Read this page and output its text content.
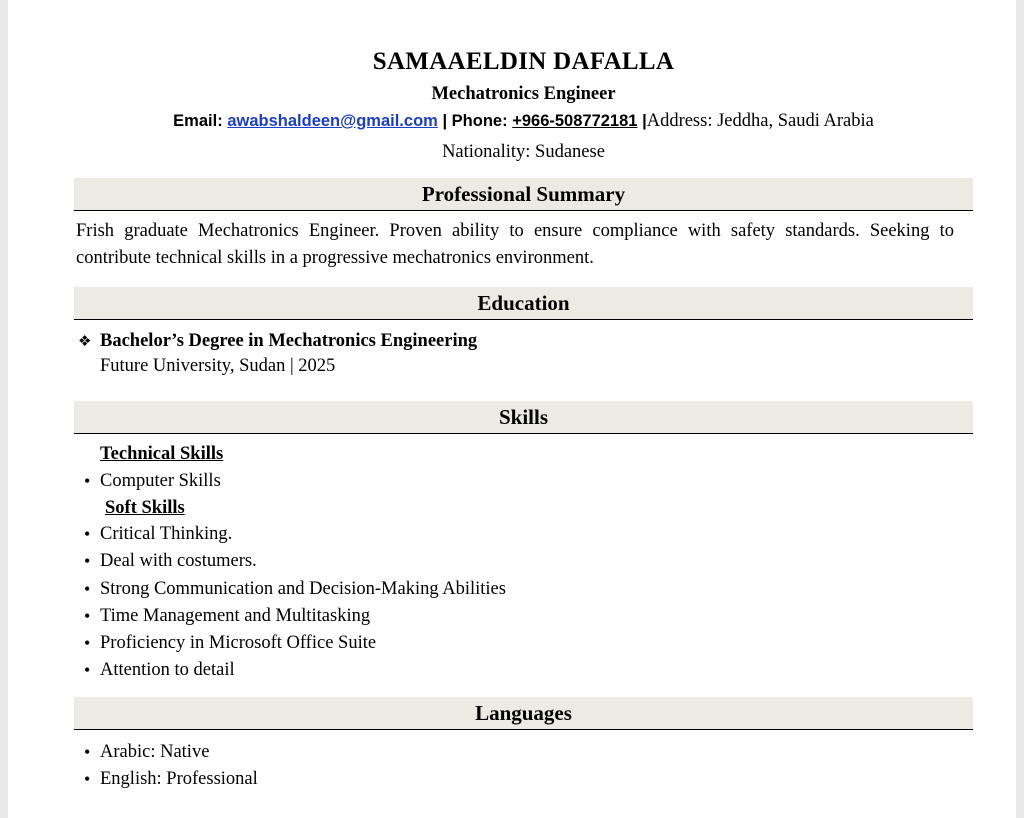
SAMAAELDIN DAFALLA
Mechatronics Engineer
Email: awabshaldeen@gmail.com | Phone: +966-508772181 |Address: Jeddha, Saudi Arabia
Nationality: Sudanese
Professional Summary
Frish graduate Mechatronics Engineer. Proven ability to ensure compliance with safety standards. Seeking to contribute technical skills in a progressive mechatronics environment.
Education
❖ Bachelor’s Degree in Mechatronics Engineering
Future University, Sudan | 2025
Skills
Technical Skills
• Computer Skills
Soft Skills
• Critical Thinking.
• Deal with costumers.
• Strong Communication and Decision-Making Abilities
• Time Management and Multitasking
• Proficiency in Microsoft Office Suite
• Attention to detail
Languages
• Arabic: Native
• English: Professional
